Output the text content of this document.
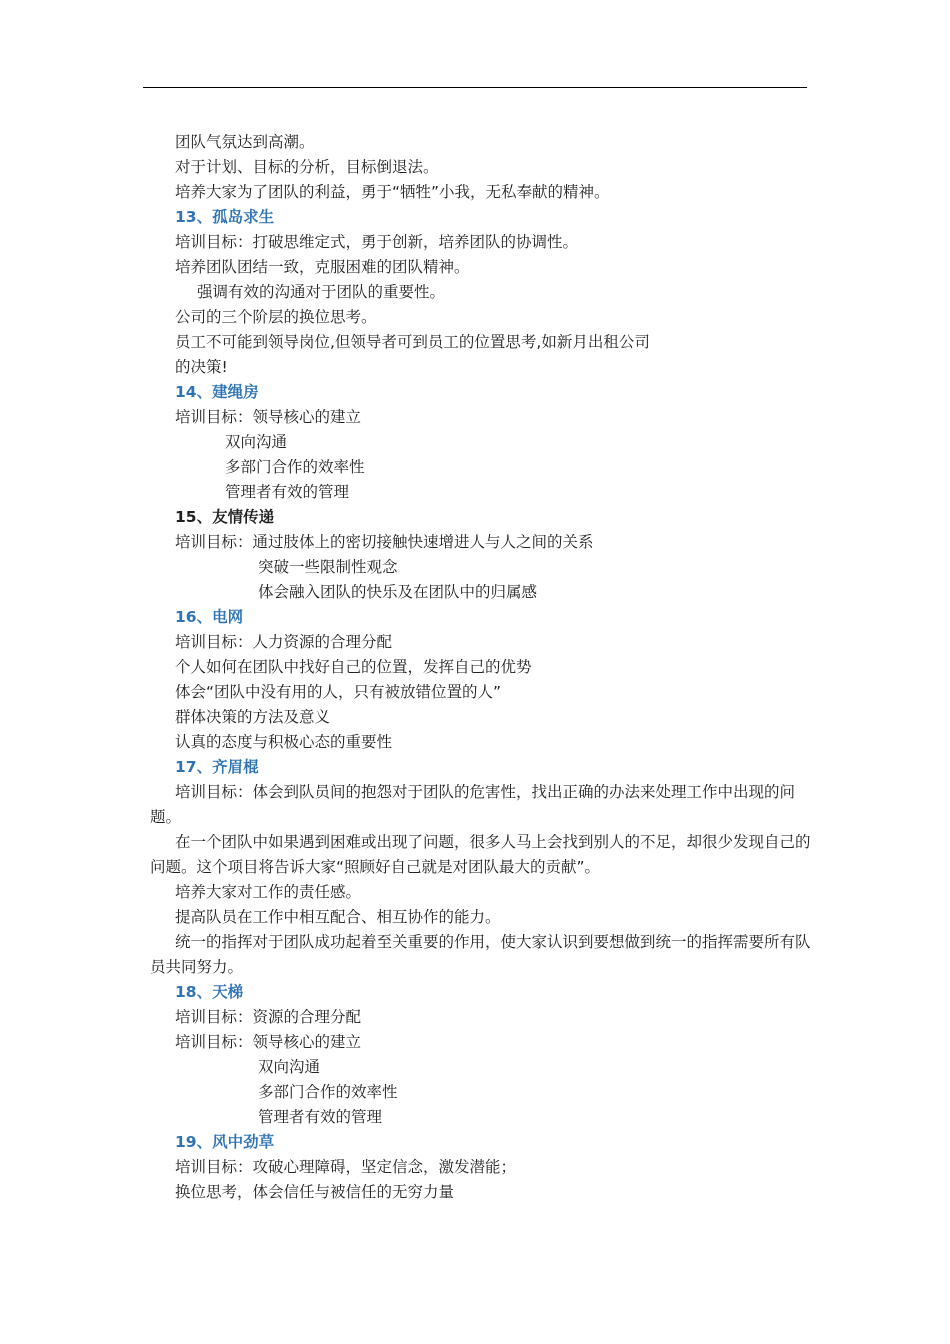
团队气氛达到高潮。
对于计划、目标的分析，目标倒退法。
培养大家为了团队的利益，勇于“牺牲”小我，无私奉献的精神。
13、孤岛求生
培训目标：打破思维定式，勇于创新，培养团队的协调性。
培养团队团结一致，克服困难的团队精神。
强调有效的沟通对于团队的重要性。
公司的三个阶层的换位思考。
员工不可能到领导岗位,但领导者可到员工的位置思考,如新月出租公司
的决策!
14、建绳房
培训目标：领导核心的建立
双向沟通
多部门合作的效率性
管理者有效的管理
15、友情传递
培训目标：通过肢体上的密切接触快速增进人与人之间的关系
突破一些限制性观念
体会融入团队的快乐及在团队中的归属感
16、电网
培训目标：人力资源的合理分配
个人如何在团队中找好自己的位置，发挥自己的优势
体会“团队中没有用的人，只有被放错位置的人”
群体决策的方法及意义
认真的态度与积极心态的重要性
17、齐眉棍
培训目标：体会到队员间的抱怨对于团队的危害性，找出正确的办法来处理工作中出现的问
题。
在一个团队中如果遇到困难或出现了问题，很多人马上会找到别人的不足，却很少发现自己的
问题。这个项目将告诉大家“照顾好自己就是对团队最大的贡献”。
培养大家对工作的责任感。
提高队员在工作中相互配合、相互协作的能力。
统一的指挥对于团队成功起着至关重要的作用，使大家认识到要想做到统一的指挥需要所有队
员共同努力。
18、天梯
培训目标：资源的合理分配
培训目标：领导核心的建立
双向沟通
多部门合作的效率性
管理者有效的管理
19、风中劲草
培训目标：攻破心理障碍，坚定信念，激发潜能；
换位思考，体会信任与被信任的无穷力量
